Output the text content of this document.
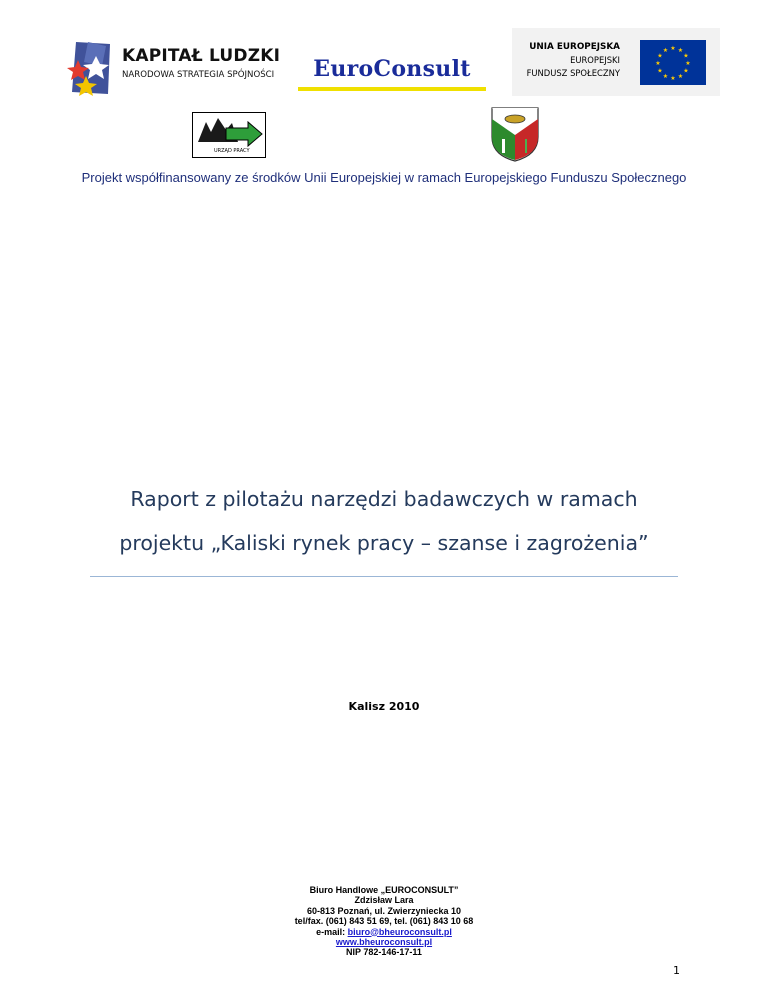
KAPITAŁ LUDZKI
NARODOWA STRATEGIA SPÓJNOŚCI	EuroConsult
UNIA EUROPEJSKA
EUROPEJSKI
FUNDUSZ SPOŁECZNY
★ ★
★
★
★
★
★
★
★
★
★
★
URZĄD PRACY
Projekt współfinansowany ze środków Unii Europejskiej w ramach Europejskiego Funduszu Społecznego
Raport z pilotażu narzędzi badawczych w ramach
projektu „Kaliski rynek pracy – szanse i zagrożenia”
Kalisz 2010
Biuro Handlowe „EUROCONSULT”
Zdzisław Lara
60-813 Poznań, ul. Zwierzyniecka 10
tel/fax. (061) 843 51 69, tel. (061) 843 10 68
e-mail: biuro@bheuroconsult.pl
www.bheuroconsult.pl
NIP 782-146-17-11
1
